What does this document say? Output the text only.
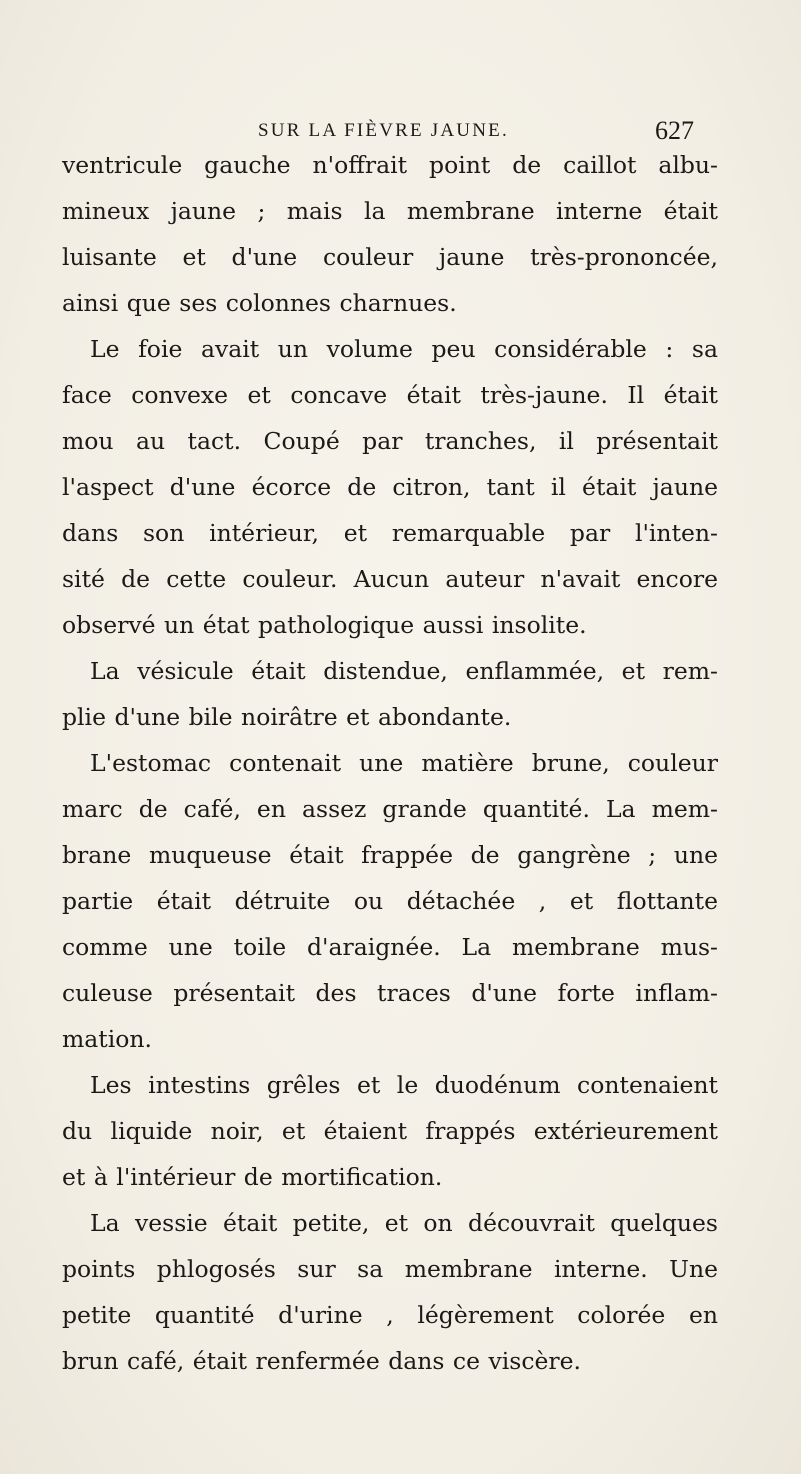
SUR LA FIÈVRE JAUNE.	627
ventricule gauche n'offrait point de caillot albu-
mineux jaune ; mais la membrane interne était
luisante et d'une couleur jaune très-prononcée,
ainsi que ses colonnes charnues.
Le foie avait un volume peu considérable : sa
face convexe et concave était très-jaune. Il était
mou au tact. Coupé par tranches, il présentait
l'aspect d'une écorce de citron, tant il était jaune
dans son intérieur, et remarquable par l'inten-
sité de cette couleur. Aucun auteur n'avait encore
observé un état pathologique aussi insolite.
La vésicule était distendue, enflammée, et rem-
plie d'une bile noirâtre et abondante.
L'estomac contenait une matière brune, couleur
marc de café, en assez grande quantité. La mem-
brane muqueuse était frappée de gangrène ; une
partie était détruite ou détachée , et flottante
comme une toile d'araignée. La membrane mus-
culeuse présentait des traces d'une forte inflam-
mation.
Les intestins grêles et le duodénum contenaient
du liquide noir, et étaient frappés extérieurement
et à l'intérieur de mortification.
La vessie était petite, et on découvrait quelques
points phlogosés sur sa membrane interne. Une
petite quantité d'urine , légèrement colorée en
brun café, était renfermée dans ce viscère.
